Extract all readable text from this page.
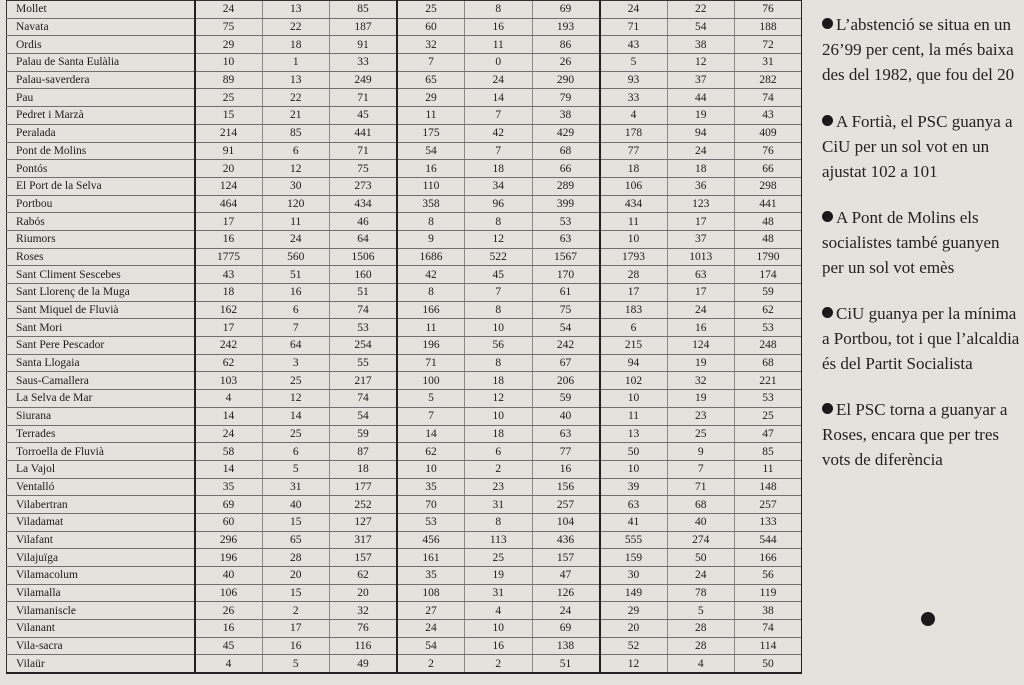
Mollet	24	13	85	25	8	69	24	22	76
Navata	75	22	187	60	16	193	71	54	188
Ordis	29	18	91	32	11	86	43	38	72
Palau de Santa Eulàlia	10	1	33	7	0	26	5	12	31
Palau-saverdera	89	13	249	65	24	290	93	37	282
Pau	25	22	71	29	14	79	33	44	74
Pedret i Marzà	15	21	45	11	7	38	4	19	43
Peralada	214	85	441	175	42	429	178	94	409
Pont de Molins	91	6	71	54	7	68	77	24	76
Pontós	20	12	75	16	18	66	18	18	66
El Port de la Selva	124	30	273	110	34	289	106	36	298
Portbou	464	120	434	358	96	399	434	123	441
Rabós	17	11	46	8	8	53	11	17	48
Riumors	16	24	64	9	12	63	10	37	48
Roses	1775	560	1506	1686	522	1567	1793	1013	1790
Sant Climent Sescebes	43	51	160	42	45	170	28	63	174
Sant Llorenç de la Muga	18	16	51	8	7	61	17	17	59
Sant Miquel de Fluvià	162	6	74	166	8	75	183	24	62
Sant Mori	17	7	53	11	10	54	6	16	53
Sant Pere Pescador	242	64	254	196	56	242	215	124	248
Santa Llogaia	62	3	55	71	8	67	94	19	68
Saus-Camallera	103	25	217	100	18	206	102	32	221
La Selva de Mar	4	12	74	5	12	59	10	19	53
Siurana	14	14	54	7	10	40	11	23	25
Terrades	24	25	59	14	18	63	13	25	47
Torroella de Fluvià	58	6	87	62	6	77	50	9	85
La Vajol	14	5	18	10	2	16	10	7	11
Ventalló	35	31	177	35	23	156	39	71	148
Vilabertran	69	40	252	70	31	257	63	68	257
Viladamat	60	15	127	53	8	104	41	40	133
Vilafant	296	65	317	456	113	436	555	274	544
Vilajuïga	196	28	157	161	25	157	159	50	166
Vilamacolum	40	20	62	35	19	47	30	24	56
Vilamalla	106	15	20	108	31	126	149	78	119
Vilamaniscle	26	2	32	27	4	24	29	5	38
Vilanant	16	17	76	24	10	69	20	28	74
Vila-sacra	45	16	116	54	16	138	52	28	114
Vilaür	4	5	49	2	2	51	12	4	50

L’abstenció se situa en un 26’99 per cent, la més baixa des del 1982, que fou del 20

A Fortià, el PSC guanya a CiU per un sol vot en un ajustat 102 a 101

A Pont de Molins els socialistes també guanyen per un sol vot emès

CiU guanya per la mínima a Portbou, tot i que l’alcaldia és del Partit Socialista

El PSC torna a guanyar a Roses, encara que per tres vots de diferència
